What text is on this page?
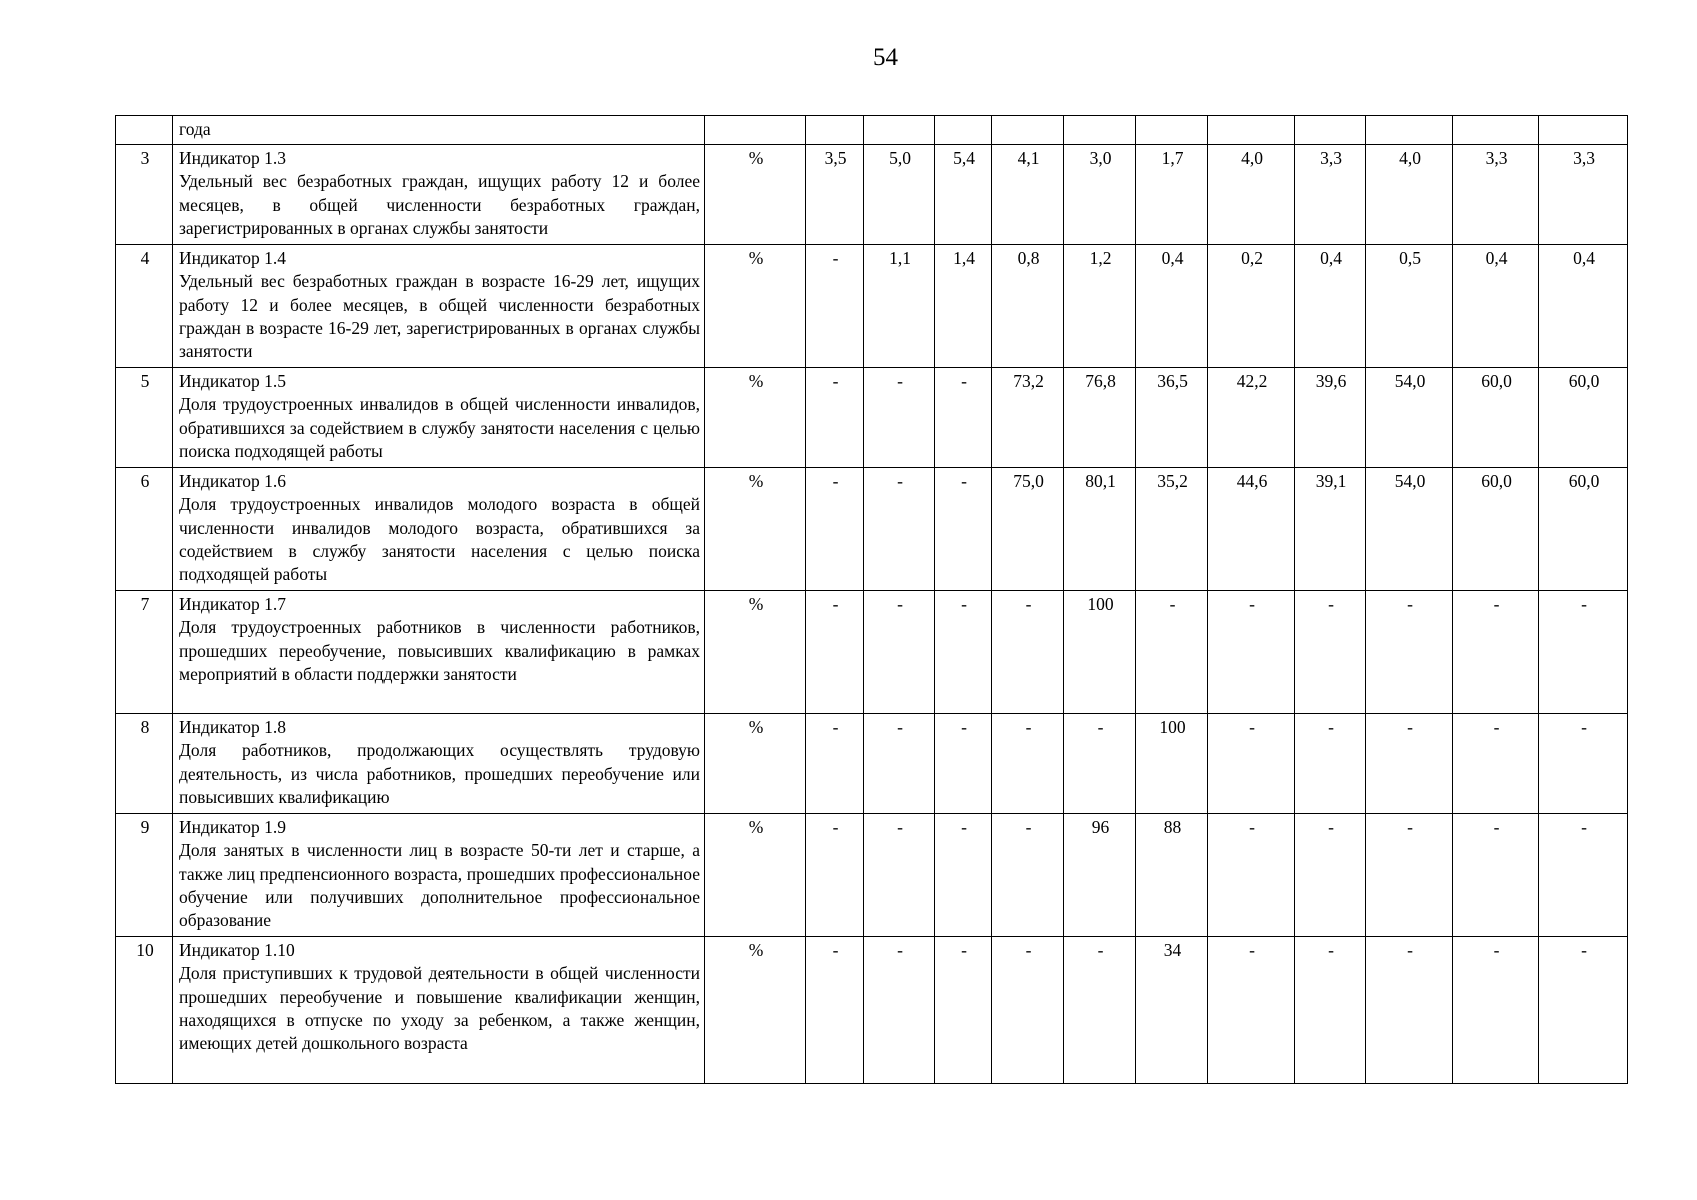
54
	года												
3	Индикатор 1.3
Удельный вес безработных граждан, ищущих работу 12 и более месяцев, в общей численности безработных граждан, зарегистрированных в органах службы занятости	%	3,5	5,0	5,4	4,1	3,0	1,7	4,0	3,3	4,0	3,3	3,3
4	Индикатор 1.4
Удельный вес безработных граждан в возрасте 16-29 лет, ищущих работу 12 и более месяцев, в общей численности безработных граждан в возрасте 16-29 лет, зарегистрированных в органах службы занятости	%	-	1,1	1,4	0,8	1,2	0,4	0,2	0,4	0,5	0,4	0,4
5	Индикатор 1.5
Доля трудоустроенных инвалидов в общей численности инвалидов, обратившихся за содействием в службу занятости населения с целью поиска подходящей работы	%	-	-	-	73,2	76,8	36,5	42,2	39,6	54,0	60,0	60,0
6	Индикатор 1.6
Доля трудоустроенных инвалидов молодого возраста в общей численности инвалидов молодого возраста, обратившихся за содействием в службу занятости населения с целью поиска подходящей работы	%	-	-	-	75,0	80,1	35,2	44,6	39,1	54,0	60,0	60,0
7	Индикатор 1.7
Доля трудоустроенных работников в численности работников, прошедших переобучение, повысивших квалификацию в рамках мероприятий в области поддержки занятости	%	-	-	-	-	100	-	-	-	-	-	-
8	Индикатор 1.8
Доля работников, продолжающих осуществлять трудовую деятельность, из числа работников, прошедших переобучение или повысивших квалификацию	%	-	-	-	-	-	100	-	-	-	-	-
9	Индикатор 1.9
Доля занятых в численности лиц в возрасте 50-ти лет и старше, а также лиц предпенсионного возраста, прошедших профессиональное обучение или получивших дополнительное профессиональное образование	%	-	-	-	-	96	88	-	-	-	-	-
10	Индикатор 1.10
Доля приступивших к трудовой деятельности в общей численности прошедших переобучение и повышение квалификации женщин, находящихся в отпуске по уходу за ребенком, а также женщин, имеющих детей дошкольного возраста	%	-	-	-	-	-	34	-	-	-	-	-
